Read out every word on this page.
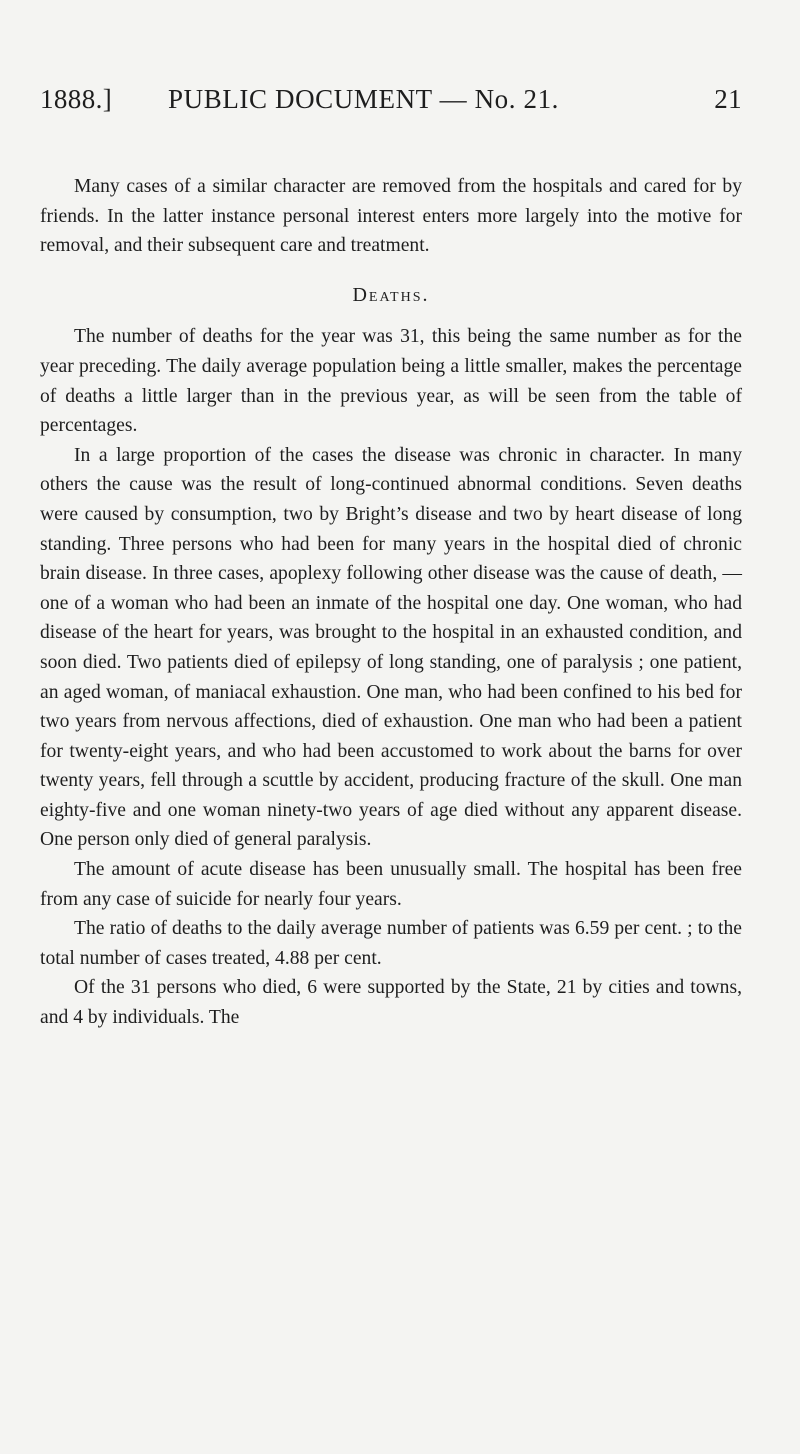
1888.] PUBLIC DOCUMENT — No. 21.	21

Many cases of a similar character are removed from the hospitals and cared for by friends. In the latter instance personal interest enters more largely into the motive for removal, and their subsequent care and treatment.

Deaths.

The number of deaths for the year was 31, this being the same number as for the year preceding. The daily average population being a little smaller, makes the percentage of deaths a little larger than in the previous year, as will be seen from the table of percentages.

In a large proportion of the cases the disease was chronic in character. In many others the cause was the result of long-continued abnormal conditions. Seven deaths were caused by consumption, two by Bright’s disease and two by heart disease of long standing. Three persons who had been for many years in the hospital died of chronic brain disease. In three cases, apoplexy following other disease was the cause of death, — one of a woman who had been an inmate of the hospital one day. One woman, who had disease of the heart for years, was brought to the hospital in an exhausted condition, and soon died. Two patients died of epilepsy of long standing, one of paralysis ; one patient, an aged woman, of maniacal exhaustion. One man, who had been confined to his bed for two years from nervous affections, died of exhaustion. One man who had been a patient for twenty-eight years, and who had been accustomed to work about the barns for over twenty years, fell through a scuttle by accident, producing fracture of the skull. One man eighty-five and one woman ninety-two years of age died without any apparent disease. One person only died of general paralysis.

The amount of acute disease has been unusually small. The hospital has been free from any case of suicide for nearly four years.

The ratio of deaths to the daily average number of patients was 6.59 per cent. ; to the total number of cases treated, 4.88 per cent.

Of the 31 persons who died, 6 were supported by the State, 21 by cities and towns, and 4 by individuals. The
